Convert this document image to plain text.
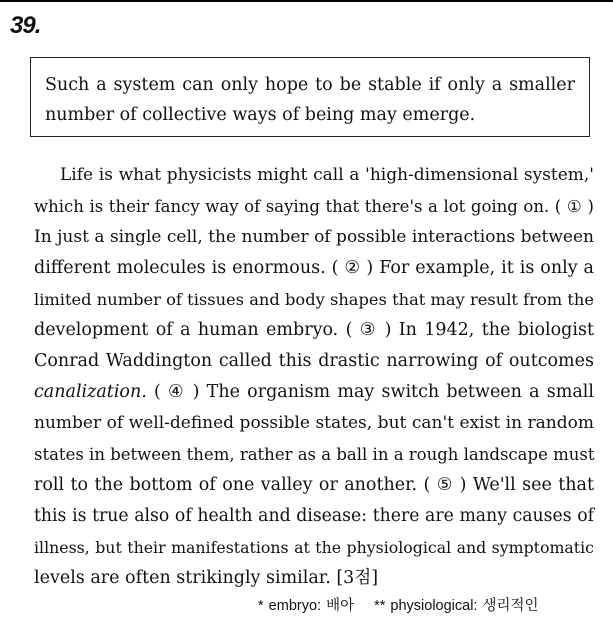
39.
Such a system can only hope to be stable if only a smaller
number of collective ways of being may emerge.
Life is what physicists might call a 'high-dimensional system,'
which is their fancy way of saying that there's a lot going on. ( ① )
In just a single cell, the number of possible interactions between
different molecules is enormous. ( ② ) For example, it is only a
limited number of tissues and body shapes that may result from the
development of a human embryo. ( ③ ) In 1942, the biologist
Conrad Waddington called this drastic narrowing of outcomes
canalization. ( ④ ) The organism may switch between a small
number of well-defined possible states, but can't exist in random
states in between them, rather as a ball in a rough landscape must
roll to the bottom of one valley or another. ( ⑤ ) We'll see that
this is true also of health and disease: there are many causes of
illness, but their manifestations at the physiological and symptomatic
levels are often strikingly similar. [3점]
* embryo: 배아 ** physiological: 생리적인
